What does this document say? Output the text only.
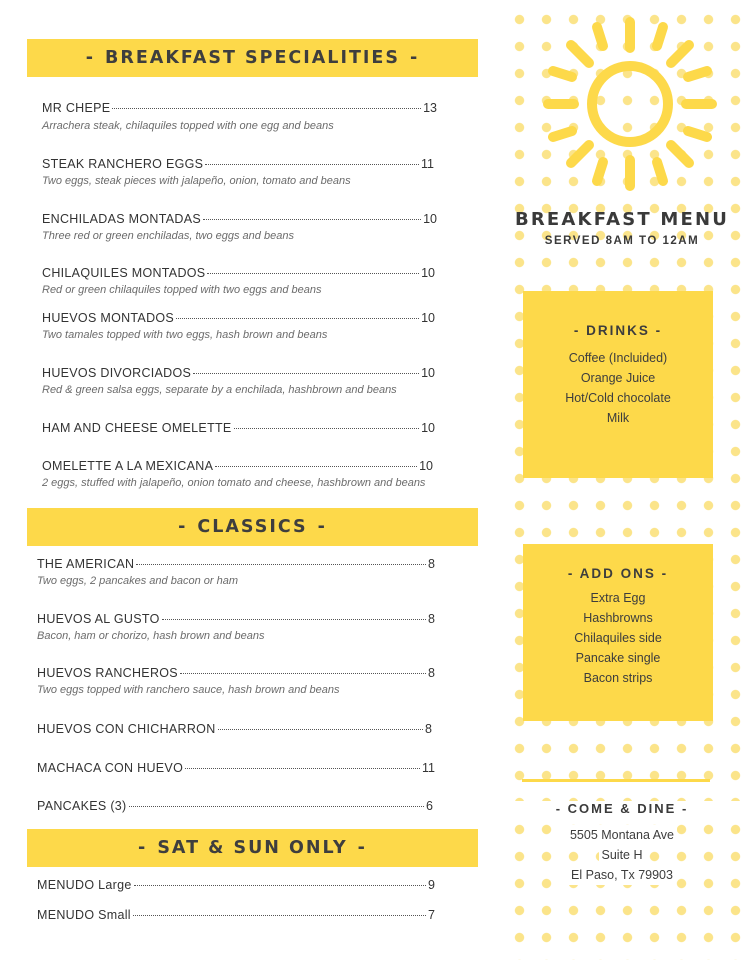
BREAKFAST MENU
SERVED 8AM TO 12AM
- DRINKS -
Coffee (Incluided)
Orange Juice
Hot/Cold chocolate
Milk
- ADD ONS -
Extra Egg
Hashbrowns
Chilaquiles side
Pancake single
Bacon strips
- COME & DINE -
5505 Montana Ave
Suite H
El Paso, Tx 79903
- BREAKFAST SPECIALITIES -
MR CHEPE	13
Arrachera steak, chilaquiles topped with one egg and beans
STEAK RANCHERO EGGS	11
Two eggs, steak pieces with jalapeño, onion, tomato and beans
ENCHILADAS MONTADAS	10
Three red or green enchiladas, two eggs and beans
CHILAQUILES MONTADOS	10
Red or green chilaquiles topped with two eggs and beans
HUEVOS MONTADOS	10
Two tamales topped with two eggs, hash brown and beans
HUEVOS DIVORCIADOS	10
Red & green salsa eggs, separate by a enchilada, hashbrown and beans
HAM AND CHEESE OMELETTE	10
OMELETTE A LA MEXICANA	10
2 eggs, stuffed with jalapeño, onion tomato and cheese, hashbrown and beans
- CLASSICS -
THE AMERICAN	8
Two eggs, 2 pancakes and bacon or ham
HUEVOS AL GUSTO	8
Bacon, ham or chorizo, hash brown and beans
HUEVOS RANCHEROS	8
Two eggs topped with ranchero sauce, hash brown and beans
HUEVOS CON CHICHARRON	8
MACHACA CON HUEVO	11
PANCAKES (3)	6
- SAT & SUN ONLY -
MENUDO Large	9
MENUDO Small	7
